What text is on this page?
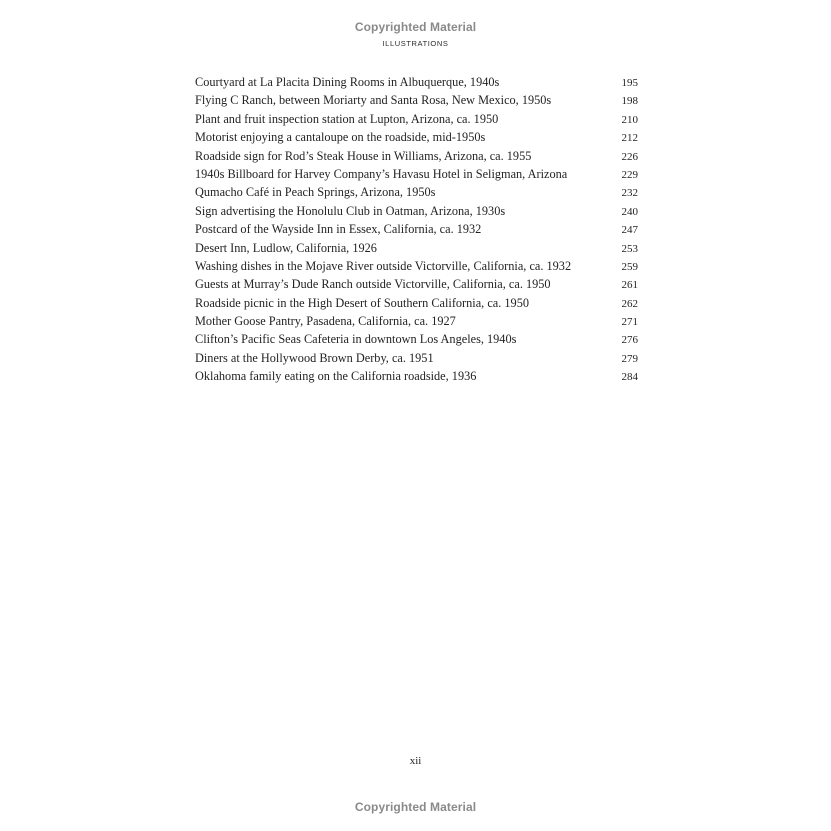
Copyrighted Material
ILLUSTRATIONS
Courtyard at La Placita Dining Rooms in Albuquerque, 1940s	195
Flying C Ranch, between Moriarty and Santa Rosa, New Mexico, 1950s	198
Plant and fruit inspection station at Lupton, Arizona, ca. 1950	210
Motorist enjoying a cantaloupe on the roadside, mid-1950s	212
Roadside sign for Rod’s Steak House in Williams, Arizona, ca. 1955	226
1940s Billboard for Harvey Company’s Havasu Hotel in Seligman, Arizona	229
Qumacho Café in Peach Springs, Arizona, 1950s	232
Sign advertising the Honolulu Club in Oatman, Arizona, 1930s	240
Postcard of the Wayside Inn in Essex, California, ca. 1932	247
Desert Inn, Ludlow, California, 1926	253
Washing dishes in the Mojave River outside Victorville, California, ca. 1932	259
Guests at Murray’s Dude Ranch outside Victorville, California, ca. 1950	261
Roadside picnic in the High Desert of Southern California, ca. 1950	262
Mother Goose Pantry, Pasadena, California, ca. 1927	271
Clifton’s Pacific Seas Cafeteria in downtown Los Angeles, 1940s	276
Diners at the Hollywood Brown Derby, ca. 1951	279
Oklahoma family eating on the California roadside, 1936	284
xii
Copyrighted Material
